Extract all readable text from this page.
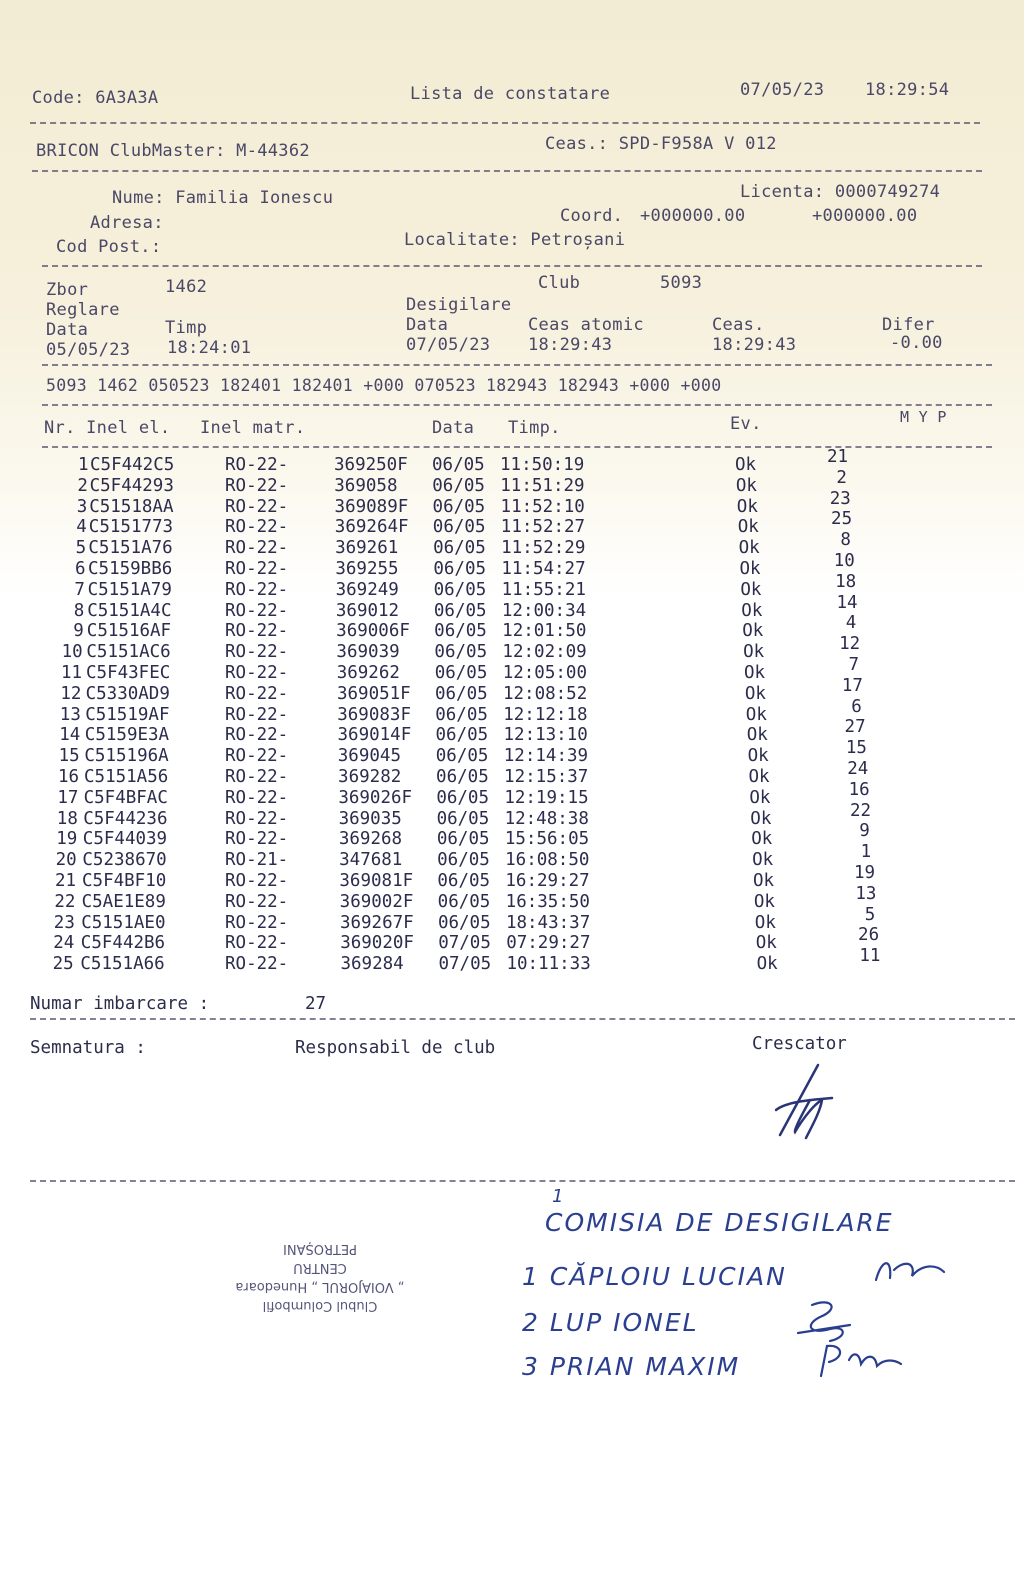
Code: 6A3A3A	Lista de constatare	07/05/23 18:29:54
BRICON ClubMaster: M-44362	Ceas.: SPD-F958A V 012
Nume: Familia Ionescu
Adresa:
Cod Post.:
Licenta: 0000749274
Coord. +000000.00	+000000.00
Localitate: Petroșani
Zbor	1462	Club	5093
Reglare	Desigilare
Data	Timp	Data	Ceas atomic	Ceas.	Difer
05/05/23 18:24:01	07/05/23 18:29:43	18:29:43	-0.00
5093 1462 050523 182401 182401 +000 070523 182943 182943 +000 +000
Nr. Inel el. Inel matr.	Data Timp.	Ev.	M Y P
1 C5F442C5	RO-22-	369250F 06/05 11:50:19	Ok	21
2 C5F44293	RO-22-	369058 06/05 11:51:29	Ok	2
3 C51518AA	RO-22-	369089F 06/05 11:52:10	Ok	23
4 C5151773	RO-22-	369264F 06/05 11:52:27	Ok	25
5 C5151A76	RO-22-	369261 06/05 11:52:29	Ok	8
6 C5159BB6	RO-22-	369255 06/05 11:54:27	Ok	10
7 C5151A79	RO-22-	369249 06/05 11:55:21	Ok	18
8 C5151A4C	RO-22-	369012 06/05 12:00:34	Ok	14
9 C51516AF	RO-22-	369006F 06/05 12:01:50	Ok	4
10 C5151AC6	RO-22-	369039 06/05 12:02:09	Ok	12
11 C5F43FEC	RO-22-	369262 06/05 12:05:00	Ok	7
12 C5330AD9	RO-22-	369051F 06/05 12:08:52	Ok	17
13 C51519AF	RO-22-	369083F 06/05 12:12:18	Ok	6
14 C5159E3A	RO-22-	369014F 06/05 12:13:10	Ok	27
15 C515196A	RO-22-	369045 06/05 12:14:39	Ok	15
16 C5151A56	RO-22-	369282 06/05 12:15:37	Ok	24
17 C5F4BFAC	RO-22-	369026F 06/05 12:19:15	Ok	16
18 C5F44236	RO-22-	369035 06/05 12:48:38	Ok	22
19 C5F44039	RO-22-	369268 06/05 15:56:05	Ok	9
20 C5238670	RO-21-	347681 06/05 16:08:50	Ok	1
21 C5F4BF10	RO-22-	369081F 06/05 16:29:27	Ok	19
22 C5AE1E89	RO-22-	369002F 06/05 16:35:50	Ok	13
23 C5151AE0	RO-22-	369267F 06/05 18:43:37	Ok	5
24 C5F442B6	RO-22-	369020F 07/05 07:29:27	Ok	26
25 C5151A66	RO-22-	369284 07/05 10:11:33	Ok	11
Numar imbarcare :	27
Semnatura :	Responsabil de club	Crescator
Clubul Columbofil
„ VOIAJORUL „ Hunedoara
CENTRU
PETROȘANI
1
COMISIA DE DESIGILARE
1 CĂPLOIU LUCIAN
2 LUP IONEL
3 PRIAN MAXIM
